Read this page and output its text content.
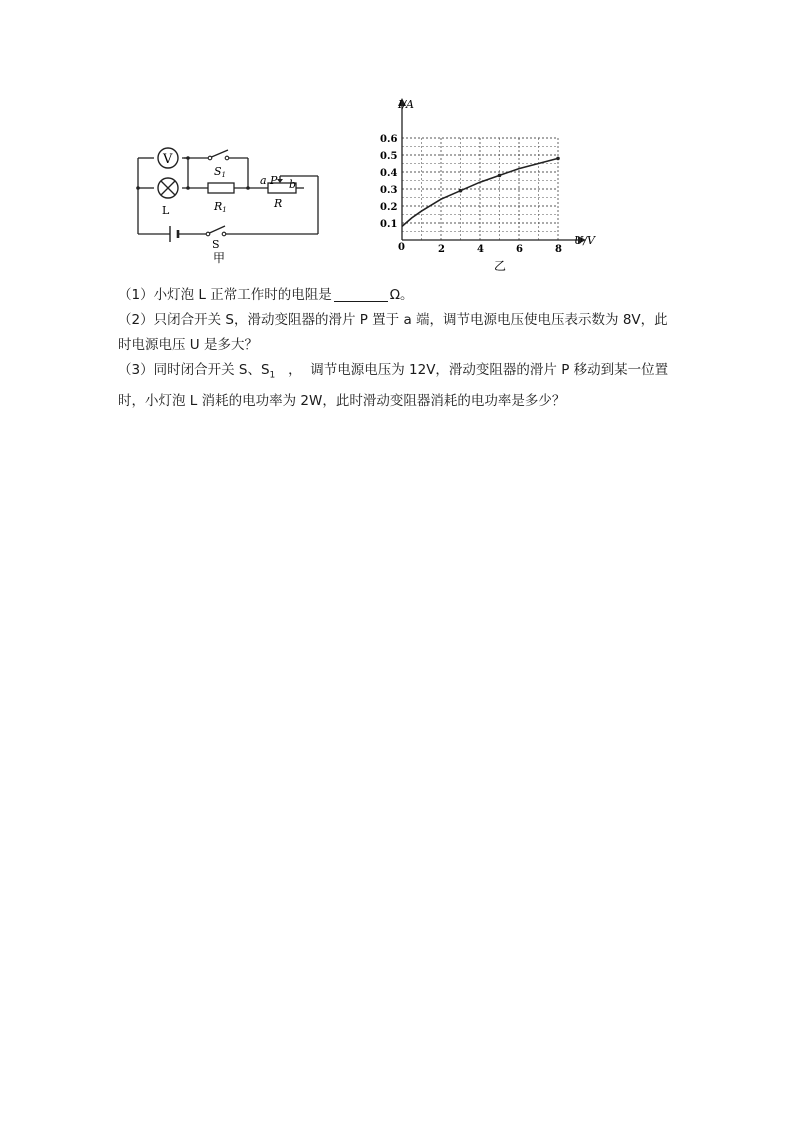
S1
V
L	R1
a P b
R
S
甲
I/A
U/V
0	2	4	6	8
0.1
0.2
0.3
0.4
0.5
0.6
乙
（1）小灯泡 L 正常工作时的电阻是	Ω。
（2）只闭合开关 S，滑动变阻器的滑片 P 置于 a 端，调节电源电压使电压表示数为 8V，此
时电源电压 U 是多大？
（3）同时闭合开关 S、$S_1$   ，  调节电源电压为 12V，滑动变阻器的滑片 P 移动到某一位置
时，小灯泡 L 消耗的电功率为 2W，此时滑动变阻器消耗的电功率是多少？
